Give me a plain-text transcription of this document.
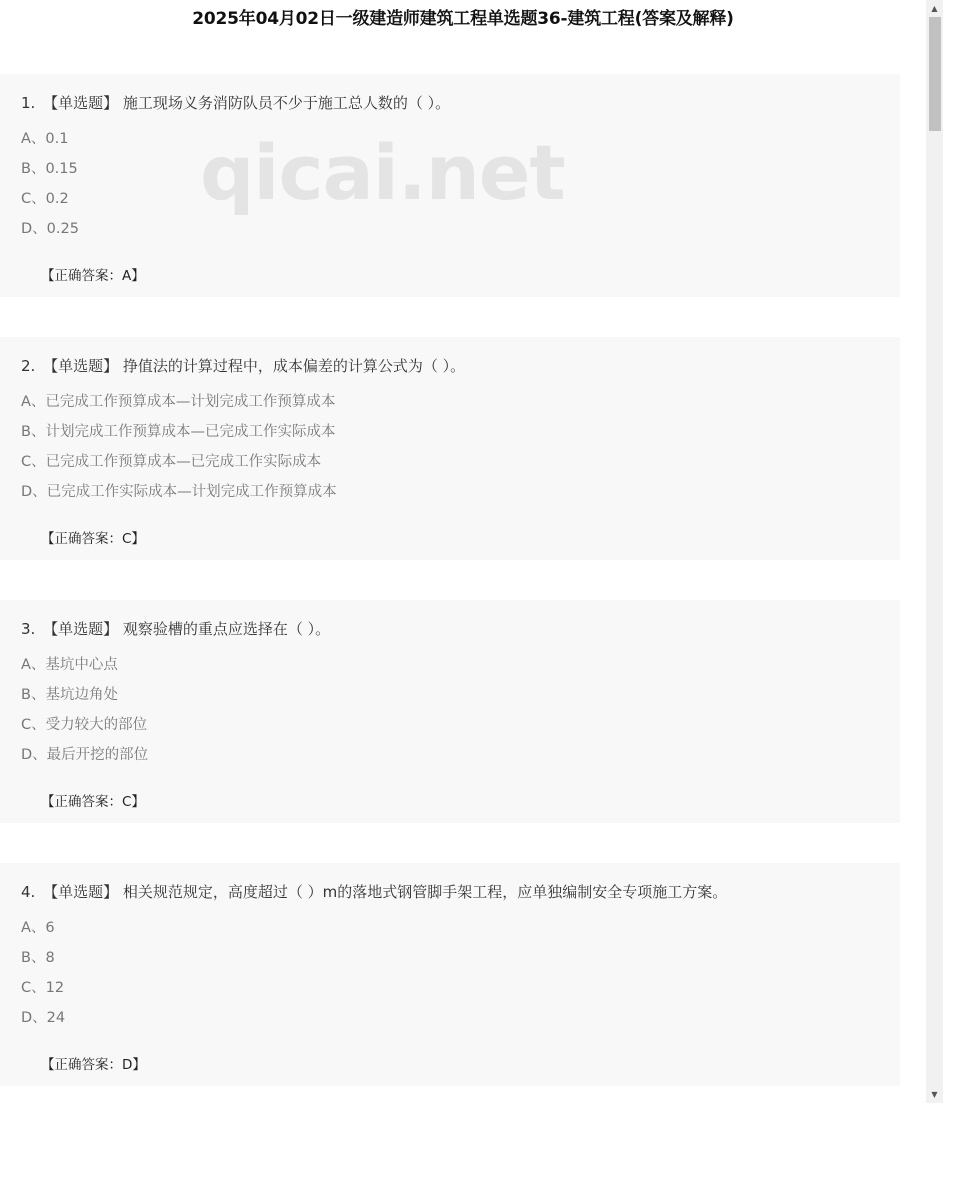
2025年04月02日一级建造师建筑工程单选题36-建筑工程(答案及解释)
1. 【单选题】 施工现场义务消防队员不少于施工总人数的（ ）。
A、0.1
B、0.15
C、0.2
D、0.25
【正确答案：A】
2. 【单选题】 挣值法的计算过程中，成本偏差的计算公式为（ ）。
A、已完成工作预算成本—计划完成工作预算成本
B、计划完成工作预算成本—已完成工作实际成本
C、已完成工作预算成本—已完成工作实际成本
D、已完成工作实际成本—计划完成工作预算成本
【正确答案：C】
3. 【单选题】 观察验槽的重点应选择在（ ）。
A、基坑中心点
B、基坑边角处
C、受力较大的部位
D、最后开挖的部位
【正确答案：C】
4. 【单选题】 相关规范规定，高度超过（ ）m的落地式钢管脚手架工程，应单独编制安全专项施工方案。
A、6
B、8
C、12
D、24
【正确答案：D】
qicai.net
▲
▼
